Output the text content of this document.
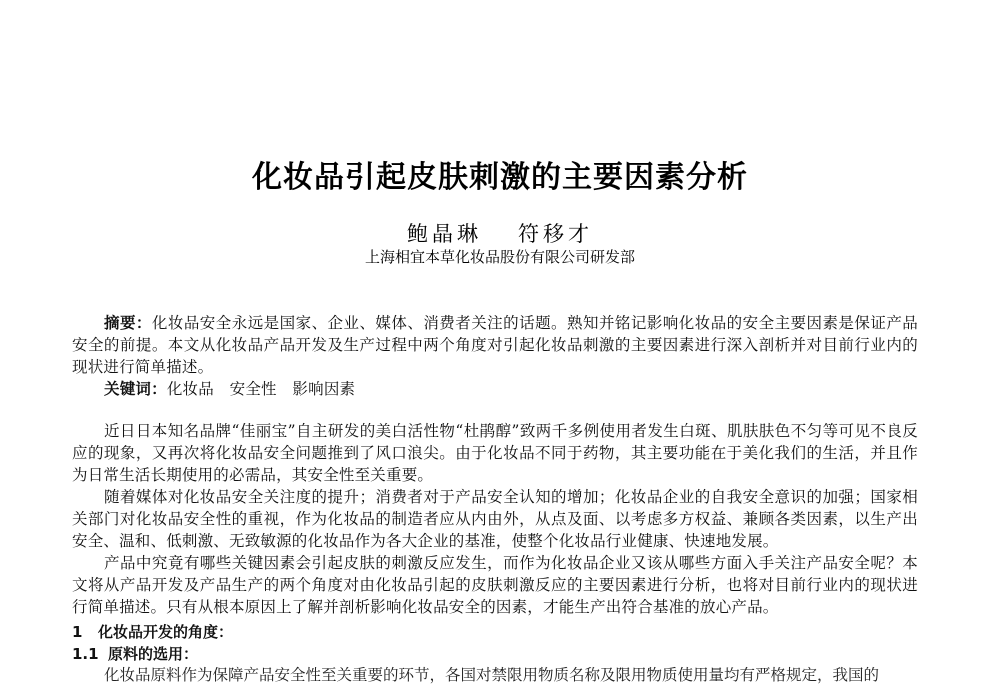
化妆品引起皮肤刺激的主要因素分析
鲍晶琳 符移才
上海相宜本草化妆品股份有限公司研发部

摘要：化妆品安全永远是国家、企业、媒体、消费者关注的话题。熟知并铭记影响化妆品的安全主要因素是保证产品安全的前提。本文从化妆品产品开发及生产过程中两个角度对引起化妆品刺激的主要因素进行深入剖析并对目前行业内的现状进行简单描述。

关键词：化妆品　安全性　影响因素

近日日本知名品牌“佳丽宝”自主研发的美白活性物“杜鹃醇”致两千多例使用者发生白斑、肌肤肤色不匀等可见不良反应的现象，又再次将化妆品安全问题推到了风口浪尖。由于化妆品不同于药物，其主要功能在于美化我们的生活，并且作为日常生活长期使用的必需品，其安全性至关重要。

随着媒体对化妆品安全关注度的提升；消费者对于产品安全认知的增加；化妆品企业的自我安全意识的加强；国家相关部门对化妆品安全性的重视，作为化妆品的制造者应从内由外，从点及面、以考虑多方权益、兼顾各类因素，以生产出安全、温和、低刺激、无致敏源的化妆品作为各大企业的基准，使整个化妆品行业健康、快速地发展。

产品中究竟有哪些关键因素会引起皮肤的刺激反应发生，而作为化妆品企业又该从哪些方面入手关注产品安全呢？本文将从产品开发及产品生产的两个角度对由化妆品引起的皮肤刺激反应的主要因素进行分析，也将对目前行业内的现状进行简单描述。只有从根本原因上了解并剖析影响化妆品安全的因素，才能生产出符合基准的放心产品。

1 化妆品开发的角度：
1.1 原料的选用：
化妆品原料作为保障产品安全性至关重要的环节，各国对禁限用物质名称及限用物质使用量均有严格规定，我国的
